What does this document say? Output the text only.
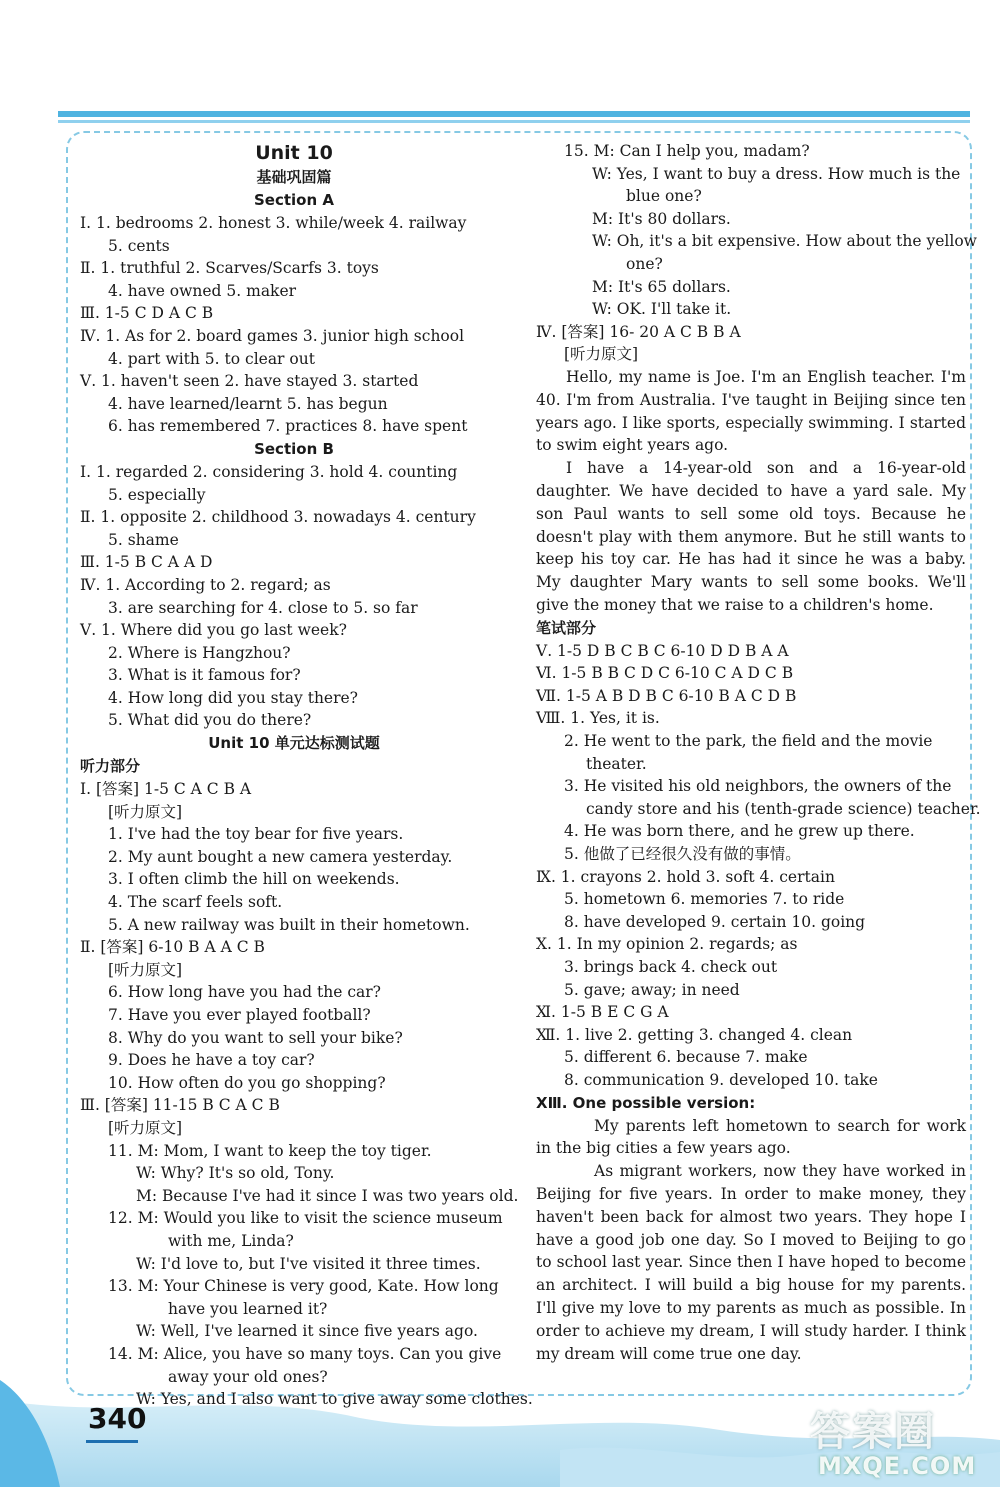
Unit 10
基础巩固篇
Section A
Ⅰ. 1. bedrooms 2. honest 3. while/week 4. railway
5. cents
Ⅱ. 1. truthful 2. Scarves/Scarfs 3. toys
4. have owned 5. maker
Ⅲ. 1-5 C D A C B
Ⅳ. 1. As for 2. board games 3. junior high school
4. part with 5. to clear out
Ⅴ. 1. haven't seen 2. have stayed 3. started
4. have learned/learnt 5. has begun
6. has remembered 7. practices 8. have spent
Section B
Ⅰ. 1. regarded 2. considering 3. hold 4. counting
5. especially
Ⅱ. 1. opposite 2. childhood 3. nowadays 4. century
5. shame
Ⅲ. 1-5 B C A A D
Ⅳ. 1. According to 2. regard; as
3. are searching for 4. close to 5. so far
Ⅴ. 1. Where did you go last week?
2. Where is Hangzhou?
3. What is it famous for?
4. How long did you stay there?
5. What did you do there?
Unit 10 单元达标测试题
听力部分
Ⅰ. [答案] 1-5 C A C B A
[听力原文]
1. I've had the toy bear for five years.
2. My aunt bought a new camera yesterday.
3. I often climb the hill on weekends.
4. The scarf feels soft.
5. A new railway was built in their hometown.
Ⅱ. [答案] 6-10 B A A C B
[听力原文]
6. How long have you had the car?
7. Have you ever played football?
8. Why do you want to sell your bike?
9. Does he have a toy car?
10. How often do you go shopping?
Ⅲ. [答案] 11-15 B C A C B
[听力原文]
11. M: Mom, I want to keep the toy tiger.
W: Why? It's so old, Tony.
M: Because I've had it since I was two years old.
12. M: Would you like to visit the science museum
with me, Linda?
W: I'd love to, but I've visited it three times.
13. M: Your Chinese is very good, Kate. How long
have you learned it?
W: Well, I've learned it since five years ago.
14. M: Alice, you have so many toys. Can you give
away your old ones?
W: Yes, and I also want to give away some clothes.
15. M: Can I help you, madam?
W: Yes, I want to buy a dress. How much is the
blue one?
M: It's 80 dollars.
W: Oh, it's a bit expensive. How about the yellow
one?
M: It's 65 dollars.
W: OK. I'll take it.
Ⅳ. [答案] 16- 20 A C B B A
[听力原文]
Hello, my name is Joe. I'm an English teacher. I'm 40. I'm from Australia. I've taught in Beijing since ten years ago. I like sports, especially swimming. I started to swim eight years ago.
I have a 14-year-old son and a 16-year-old daughter. We have decided to have a yard sale. My son Paul wants to sell some old toys. Because he doesn't play with them anymore. But he still wants to keep his toy car. He has had it since he was a baby. My daughter Mary wants to sell some books. We'll give the money that we raise to a children's home.
笔试部分
Ⅴ. 1-5 D B C B C 6-10 D D B A A
Ⅵ. 1-5 B B C D C 6-10 C A D C B
Ⅶ. 1-5 A B D B C 6-10 B A C D B
Ⅷ. 1. Yes, it is.
2. He went to the park, the field and the movie
theater.
3. He visited his old neighbors, the owners of the
candy store and his (tenth-grade science) teacher.
4. He was born there, and he grew up there.
5. 他做了已经很久没有做的事情。
Ⅸ. 1. crayons 2. hold 3. soft 4. certain
5. hometown 6. memories 7. to ride
8. have developed 9. certain 10. going
Ⅹ. 1. In my opinion 2. regards; as
3. brings back 4. check out
5. gave; away; in need
Ⅺ. 1-5 B E C G A
Ⅻ. 1. live 2. getting 3. changed 4. clean
5. different 6. because 7. make
8. communication 9. developed 10. take
ⅩⅢ. One possible version:
My parents left hometown to search for work in the big cities a few years ago.
As migrant workers, now they have worked in Beijing for five years. In order to make money, they haven't been back for almost two years. They hope I have a good job one day. So I moved to Beijing to go to school last year. Since then I have hoped to become an architect. I will build a big house for my parents. I'll give my love to my parents as much as possible. In order to achieve my dream, I will study harder. I think my dream will come true one day.
340	答案圈
MXQE.COM
